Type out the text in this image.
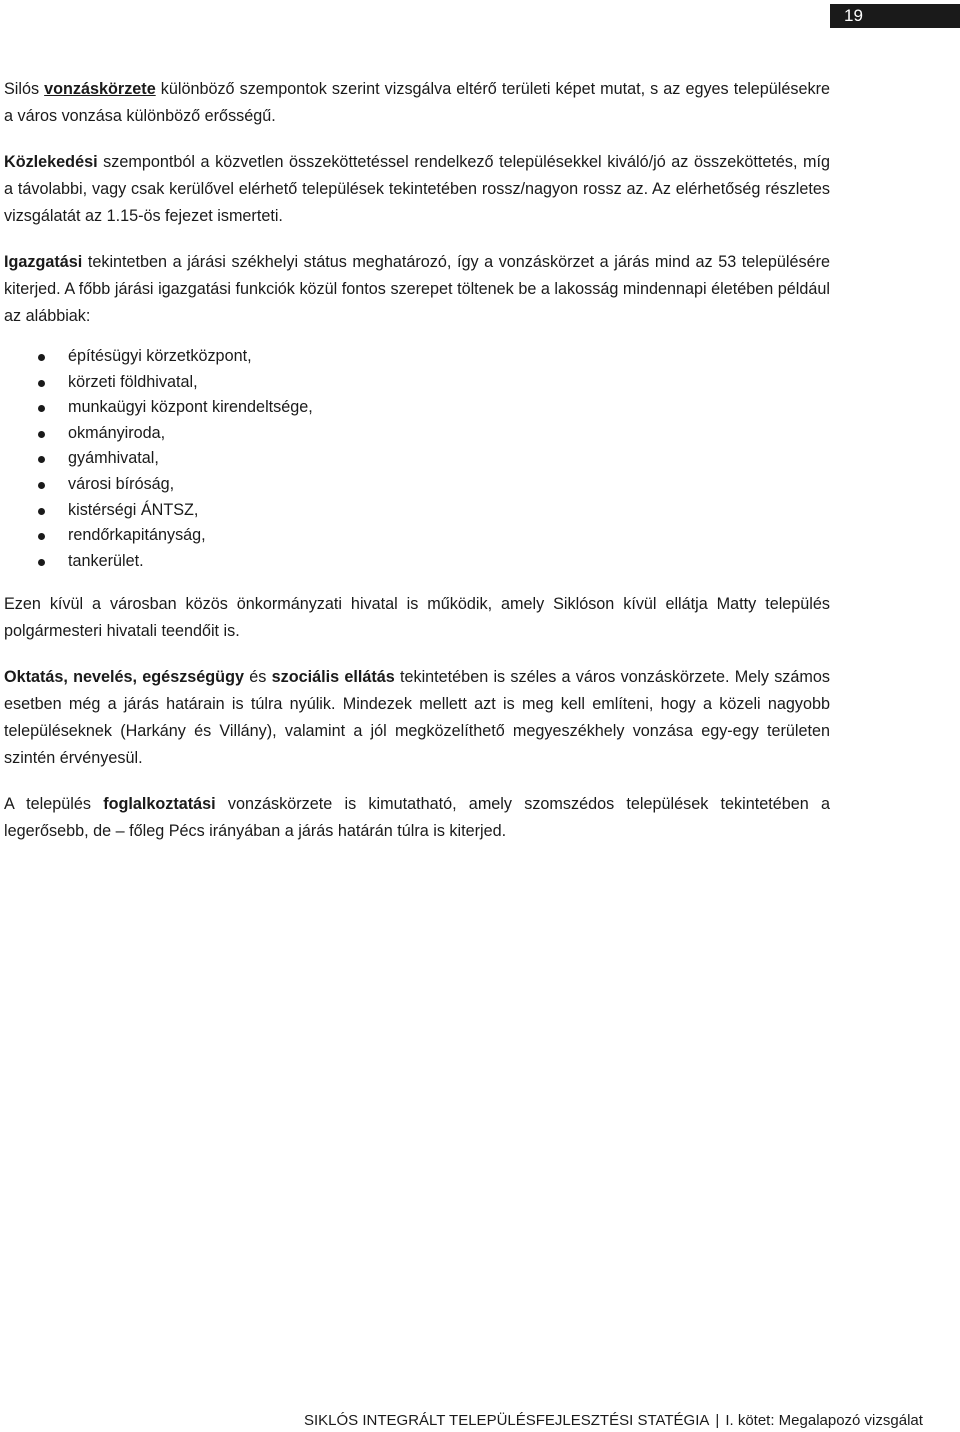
19

Silós vonzáskörzete különböző szempontok szerint vizsgálva eltérő területi képet mutat, s az egyes településekre a város vonzása különböző erősségű.

Közlekedési szempontból a közvetlen összeköttetéssel rendelkező településekkel kiváló/jó az összeköttetés, míg a távolabbi, vagy csak kerülővel elérhető települések tekintetében rossz/nagyon rossz az. Az elérhetőség részletes vizsgálatát az 1.15-ös fejezet ismerteti.

Igazgatási tekintetben a járási székhelyi státus meghatározó, így a vonzáskörzet a járás mind az 53 településére kiterjed. A főbb járási igazgatási funkciók közül fontos szerepet töltenek be a lakosság mindennapi életében például az alábbiak:

építésügyi körzetközpont,
körzeti földhivatal,
munkaügyi központ kirendeltsége,
okmányiroda,
gyámhivatal,
városi bíróság,
kistérségi ÁNTSZ,
rendőrkapitányság,
tankerület.

Ezen kívül a városban közös önkormányzati hivatal is működik, amely Siklóson kívül ellátja Matty település polgármesteri hivatali teendőit is.

Oktatás, nevelés, egészségügy és szociális ellátás tekintetében is széles a város vonzáskörzete. Mely számos esetben még a járás határain is túlra nyúlik. Mindezek mellett azt is meg kell említeni, hogy a közeli nagyobb településeknek (Harkány és Villány), valamint a jól megközelíthető megyeszékhely vonzása egy-egy területen szintén érvényesül.

A település foglalkoztatási vonzáskörzete is kimutatható, amely szomszédos települések tekintetében a legerősebb, de – főleg Pécs irányában a járás határán túlra is kiterjed.

SIKLÓS INTEGRÁLT TELEPÜLÉSFEJLESZTÉSI STATÉGIA | I. kötet: Megalapozó vizsgálat
